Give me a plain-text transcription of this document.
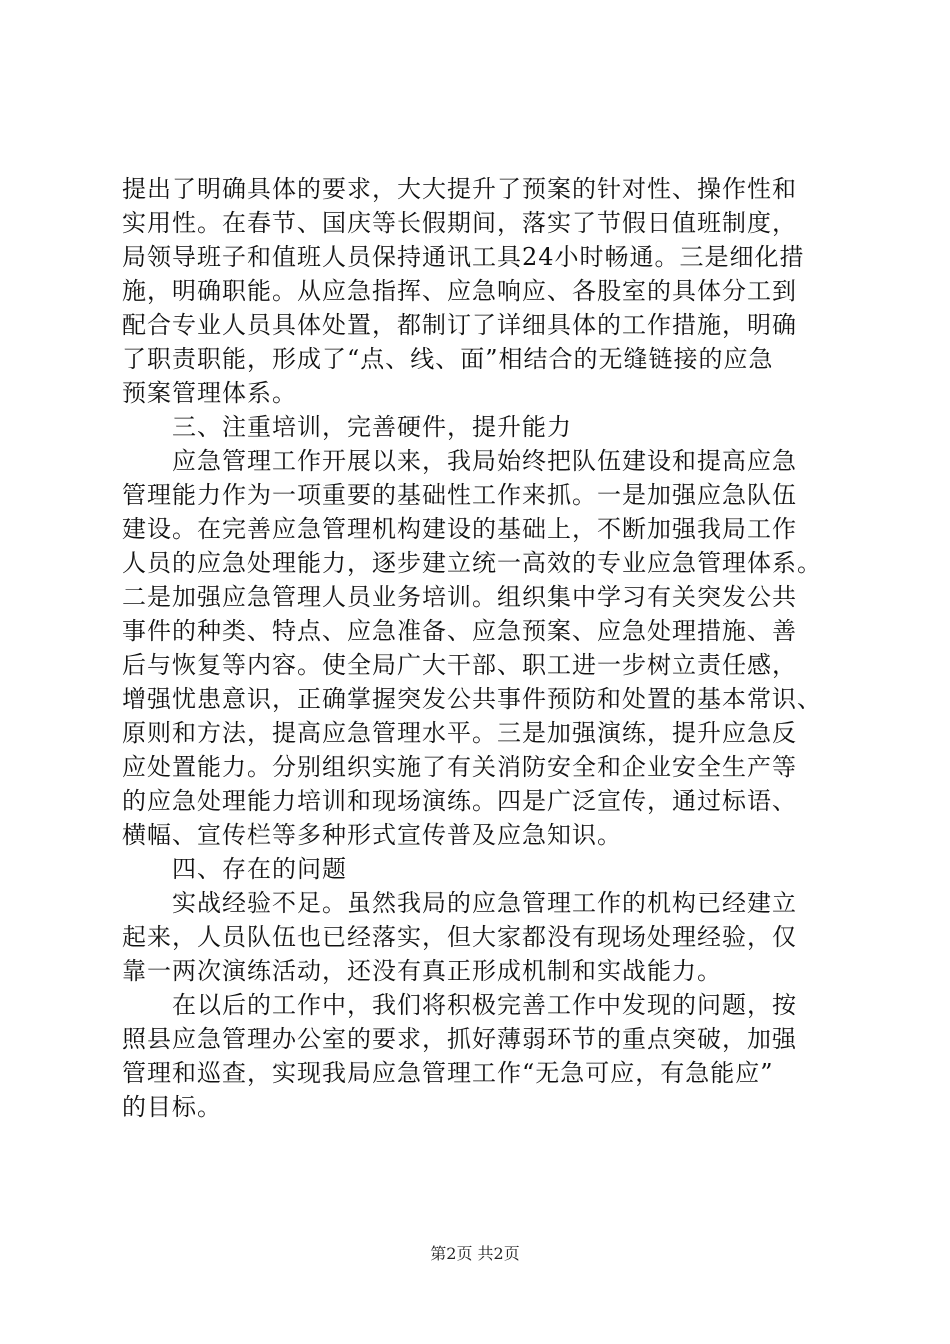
提出了明确具体的要求，大大提升了预案的针对性、操作性和
实用性。在春节、国庆等长假期间，落实了节假日值班制度，
局领导班子和值班人员保持通讯工具24小时畅通。三是细化措
施，明确职能。从应急指挥、应急响应、各股室的具体分工到
配合专业人员具体处置，都制订了详细具体的工作措施，明确
了职责职能，形成了“点、线、面”相结合的无缝链接的应急
预案管理体系。
三、注重培训，完善硬件，提升能力
应急管理工作开展以来，我局始终把队伍建设和提高应急
管理能力作为一项重要的基础性工作来抓。一是加强应急队伍
建设。在完善应急管理机构建设的基础上，不断加强我局工作
人员的应急处理能力，逐步建立统一高效的专业应急管理体系。
二是加强应急管理人员业务培训。组织集中学习有关突发公共
事件的种类、特点、应急准备、应急预案、应急处理措施、善
后与恢复等内容。使全局广大干部、职工进一步树立责任感，
增强忧患意识，正确掌握突发公共事件预防和处置的基本常识、
原则和方法，提高应急管理水平。三是加强演练，提升应急反
应处置能力。分别组织实施了有关消防安全和企业安全生产等
的应急处理能力培训和现场演练。四是广泛宣传，通过标语、
横幅、宣传栏等多种形式宣传普及应急知识。
四、存在的问题
实战经验不足。虽然我局的应急管理工作的机构已经建立
起来，人员队伍也已经落实，但大家都没有现场处理经验，仅
靠一两次演练活动，还没有真正形成机制和实战能力。
在以后的工作中，我们将积极完善工作中发现的问题，按
照县应急管理办公室的要求，抓好薄弱环节的重点突破，加强
管理和巡查，实现我局应急管理工作“无急可应，有急能应”
的目标。
第2页 共2页
